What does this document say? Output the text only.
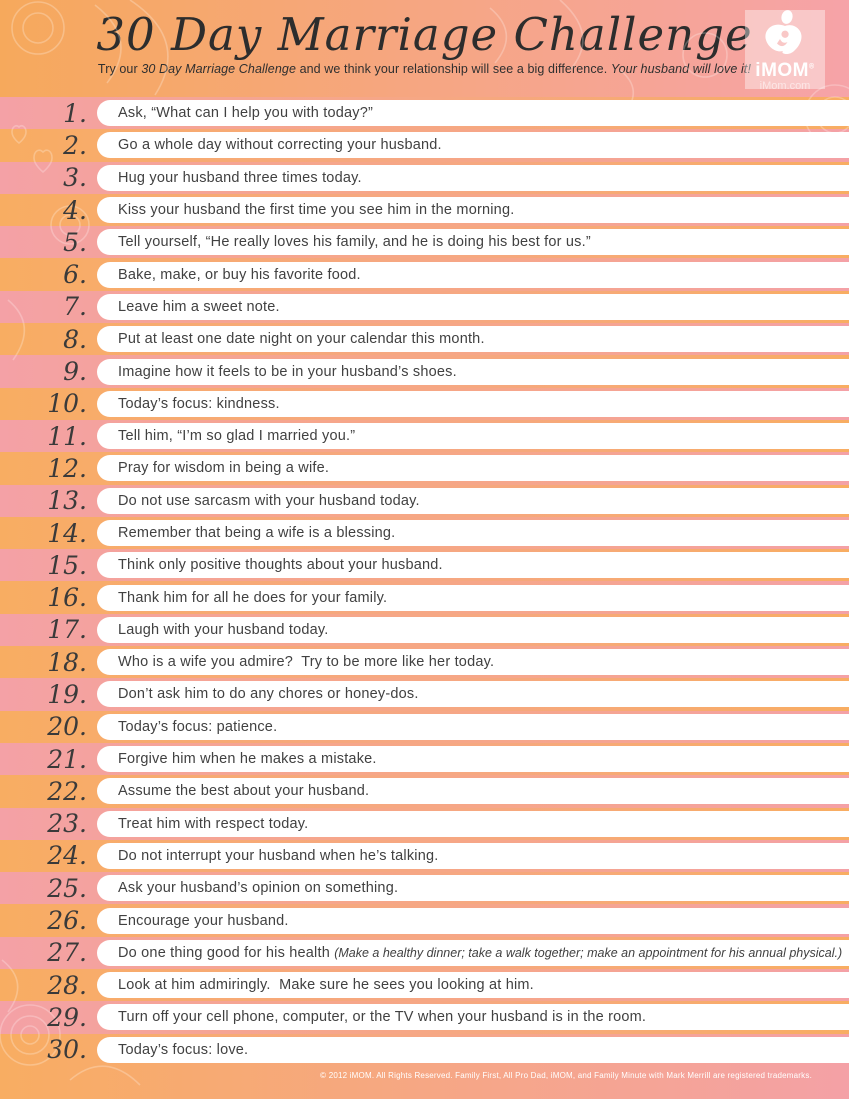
30 Day Marriage Challenge

Try our 30 Day Marriage Challenge and we think your relationship will see a big difference. Your husband will love it! iMOM®
iMom.com
1.	Ask, “What can I help you with today?”
2.	Go a whole day without correcting your husband.
3.	Hug your husband three times today.
4.	Kiss your husband the first time you see him in the morning.
5.	Tell yourself, “He really loves his family, and he is doing his best for us.”
6.	Bake, make, or buy his favorite food.
7.	Leave him a sweet note.
8.	Put at least one date night on your calendar this month.
9.	Imagine how it feels to be in your husband’s shoes.
10.	Today’s focus: kindness.
11.	Tell him, “I’m so glad I married you.”
12.	Pray for wisdom in being a wife.
13.	Do not use sarcasm with your husband today.
14.	Remember that being a wife is a blessing.
15.	Think only positive thoughts about your husband.
16.	Thank him for all he does for your family.
17.	Laugh with your husband today.
18.	Who is a wife you admire?  Try to be more like her today.
19.	Don’t ask him to do any chores or honey-dos.
20.	Today’s focus: patience.
21.	Forgive him when he makes a mistake.
22.	Assume the best about your husband.
23.	Treat him with respect today.
24.	Do not interrupt your husband when he’s talking.
25.	Ask your husband’s opinion on something.
26.	Encourage your husband.
27.	Do one thing good for his health (Make a healthy dinner; take a walk together; make an appointment for his annual physical.)
28.	Look at him admiringly.  Make sure he sees you looking at him.
29.	Turn off your cell phone, computer, or the TV when your husband is in the room.
30.	Today’s focus: love.
© 2012 iMOM. All Rights Reserved. Family First, All Pro Dad, iMOM, and Family Minute with Mark Merrill are registered trademarks.
